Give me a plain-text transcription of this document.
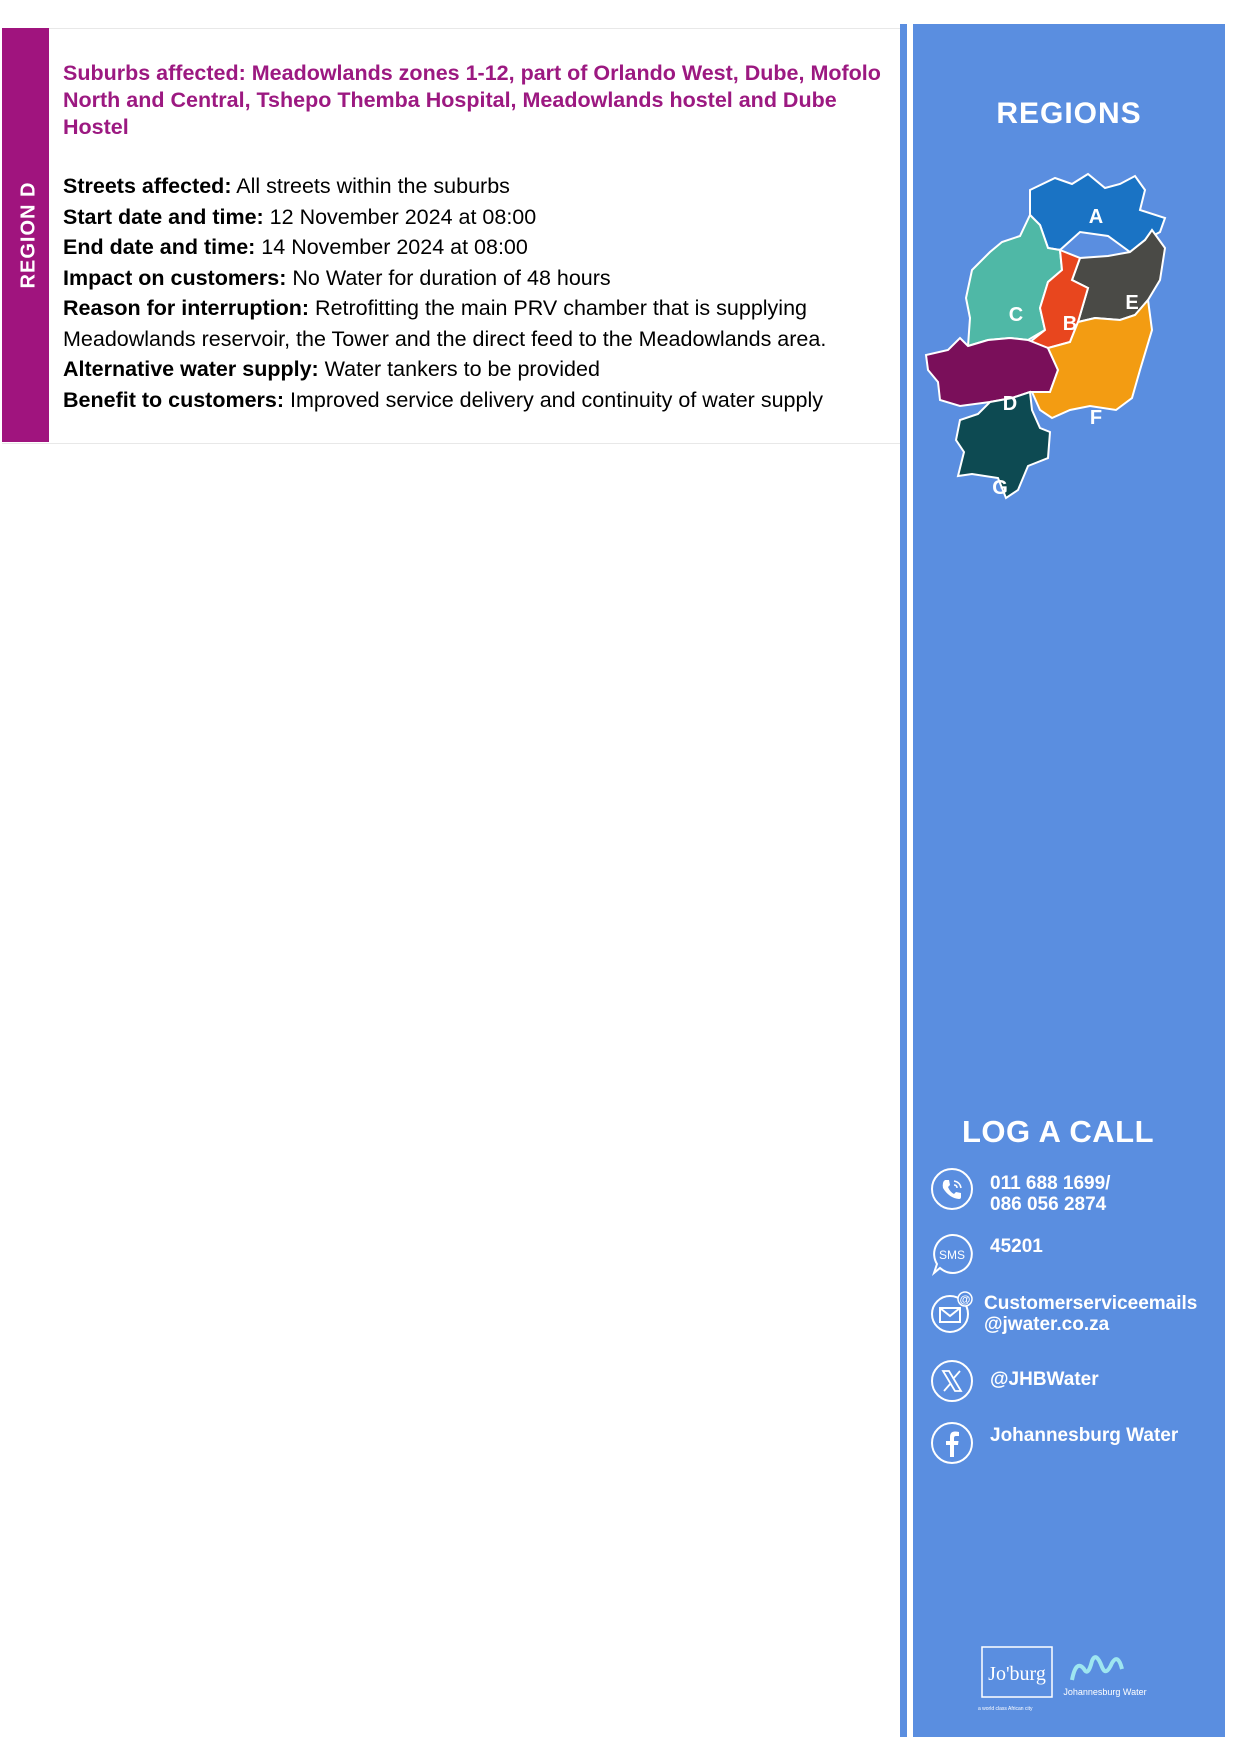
REGION D

Suburbs affected: Meadowlands zones 1-12, part of Orlando West, Dube, Mofolo North and Central, Tshepo Themba Hospital, Meadowlands hostel and Dube Hostel

Streets affected: All streets within the suburbs

Start date and time: 12 November 2024 at 08:00

End date and time: 14 November 2024 at 08:00

Impact on customers: No Water for duration of 48 hours

Reason for interruption: Retrofitting the main PRV chamber that is supplying Meadowlands reservoir, the Tower and the direct feed to the Meadowlands area.

Alternative water supply: Water tankers to be provided

Benefit to customers: Improved service delivery and continuity of water supply

REGIONS
A
B
C
D
E
F
G
LOG A CALL
011 688 1699/
086 056 2874
SMS 45201
@ Customerserviceemails
@jwater.co.za
@JHBWater
Johannesburg Water
Jo'burg
Johannesburg Water
a world class African city
